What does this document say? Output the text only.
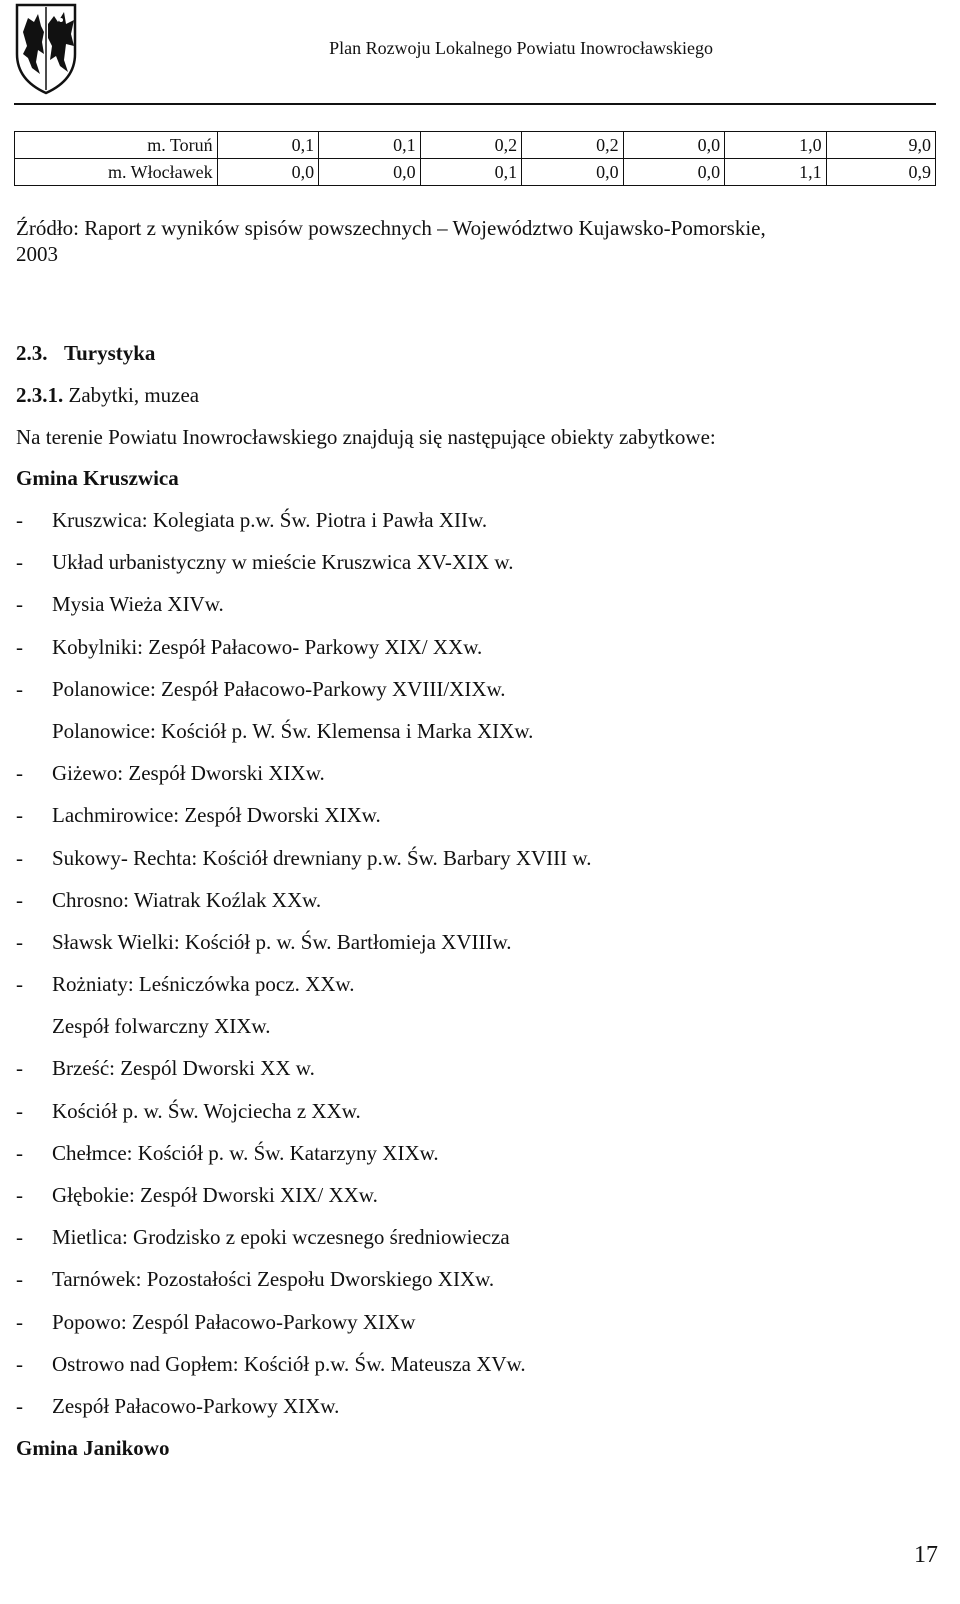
Plan Rozwoju Lokalnego Powiatu Inowrocławskiego
m. Toruń	0,1	0,1	0,2	0,2	0,0	1,0	9,0
m. Włocławek	0,0	0,0	0,1	0,0	0,0	1,1	0,9
Źródło: Raport z wyników spisów powszechnych – Województwo Kujawsko-Pomorskie,
2003
2.3. Turystyka
2.3.1. Zabytki, muzea
Na terenie Powiatu Inowrocławskiego znajdują się następujące obiekty zabytkowe:
Gmina Kruszwica
- Kruszwica: Kolegiata p.w. Św. Piotra i Pawła XIIw.
- Układ urbanistyczny w mieście Kruszwica XV-XIX w.
- Mysia Wieża XIVw.
- Kobylniki: Zespół Pałacowo- Parkowy XIX/ XXw.
- Polanowice: Zespół Pałacowo-Parkowy XVIII/XIXw.
Polanowice: Kościół p. W. Św. Klemensa i Marka XIXw.
- Giżewo: Zespół Dworski XIXw.
- Lachmirowice: Zespół Dworski XIXw.
- Sukowy- Rechta: Kościół drewniany p.w. Św. Barbary XVIII w.
- Chrosno: Wiatrak Koźlak XXw.
- Sławsk Wielki: Kościół p. w. Św. Bartłomieja XVIIIw.
- Rożniaty: Leśniczówka pocz. XXw.
Zespół folwarczny XIXw.
- Brześć: Zespól Dworski XX w.
- Kościół p. w. Św. Wojciecha z XXw.
- Chełmce: Kościół p. w. Św. Katarzyny XIXw.
- Głębokie: Zespół Dworski XIX/ XXw.
- Mietlica: Grodzisko z epoki wczesnego średniowiecza
- Tarnówek: Pozostałości Zespołu Dworskiego XIXw.
- Popowo: Zespól Pałacowo-Parkowy XIXw
- Ostrowo nad Gopłem: Kościół p.w. Św. Mateusza XVw.
- Zespół Pałacowo-Parkowy XIXw.
Gmina Janikowo
17
